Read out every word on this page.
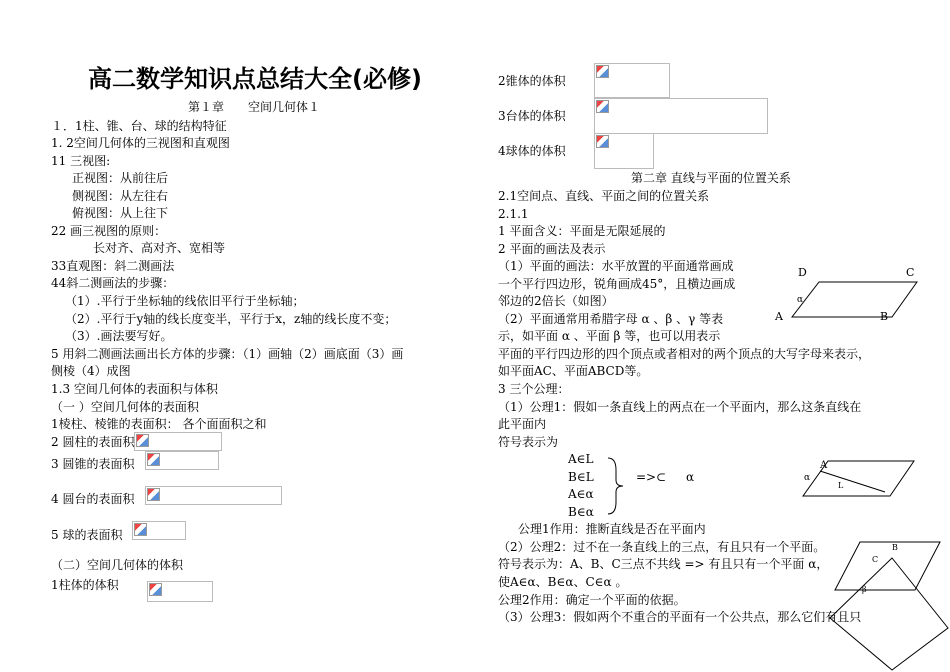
高二数学知识点总结大全(必修)
第１章　　空间几何体１
１．1柱、锥、台、球的结构特征
1. 2空间几何体的三视图和直观图
11 三视图:
正视图：从前往后
侧视图：从左往右
俯视图：从上往下
22 画三视图的原则：
长对齐、高对齐、宽相等
33直观图：斜二测画法
44斜二测画法的步骤：
（1）.平行于坐标轴的线依旧平行于坐标轴；
（2）.平行于y轴的线长度变半，平行于x，z轴的线长度不变；
（3）.画法要写好。
5 用斜二测画法画出长方体的步骤：（1）画轴（2）画底面（3）画
侧棱（4）成图
1.3 空间几何体的表面积与体积
（一 ）空间几何体的表面积
1棱柱、棱锥的表面积： 各个面面积之和
2 圆柱的表面积
3 圆锥的表面积
4 圆台的表面积
5 球的表面积
（二）空间几何体的体积
1柱体的体积
2锥体的体积
3台体的体积
4球体的体积
第二章 直线与平面的位置关系
2.1空间点、直线、平面之间的位置关系
2.1.1
1 平面含义：平面是无限延展的
2 平面的画法及表示
（1）平面的画法：水平放置的平面通常画成
一个平行四边形，锐角画成45°，且横边画成
邻边的2倍长（如图）
（2）平面通常用希腊字母 α 、β 、γ 等表
示，如平面 α 、平面 β 等，也可以用表示
平面的平行四边形的四个顶点或者相对的两个顶点的大写字母来表示，
如平面AC、平面ABCD等。
3 三个公理：
（1）公理1：假如一条直线上的两点在一个平面内，那么这条直线在
此平面内
符号表示为
公理1作用：推断直线是否在平面内
（2）公理2：过不在一条直线上的三点，有且只有一个平面。
符号表示为：A、B、C三点不共线 => 有且只有一个平面 α，
使A∈α、B∈α、C∈α 。
公理2作用：确定一个平面的依据。
（3）公理3：假如两个不重合的平面有一个公共点，那么它们有且只
A∈L
B∈L
A∈α
B∈α
=>⊂ α
D	C
A	B
α
A
L
α
B
C
β
